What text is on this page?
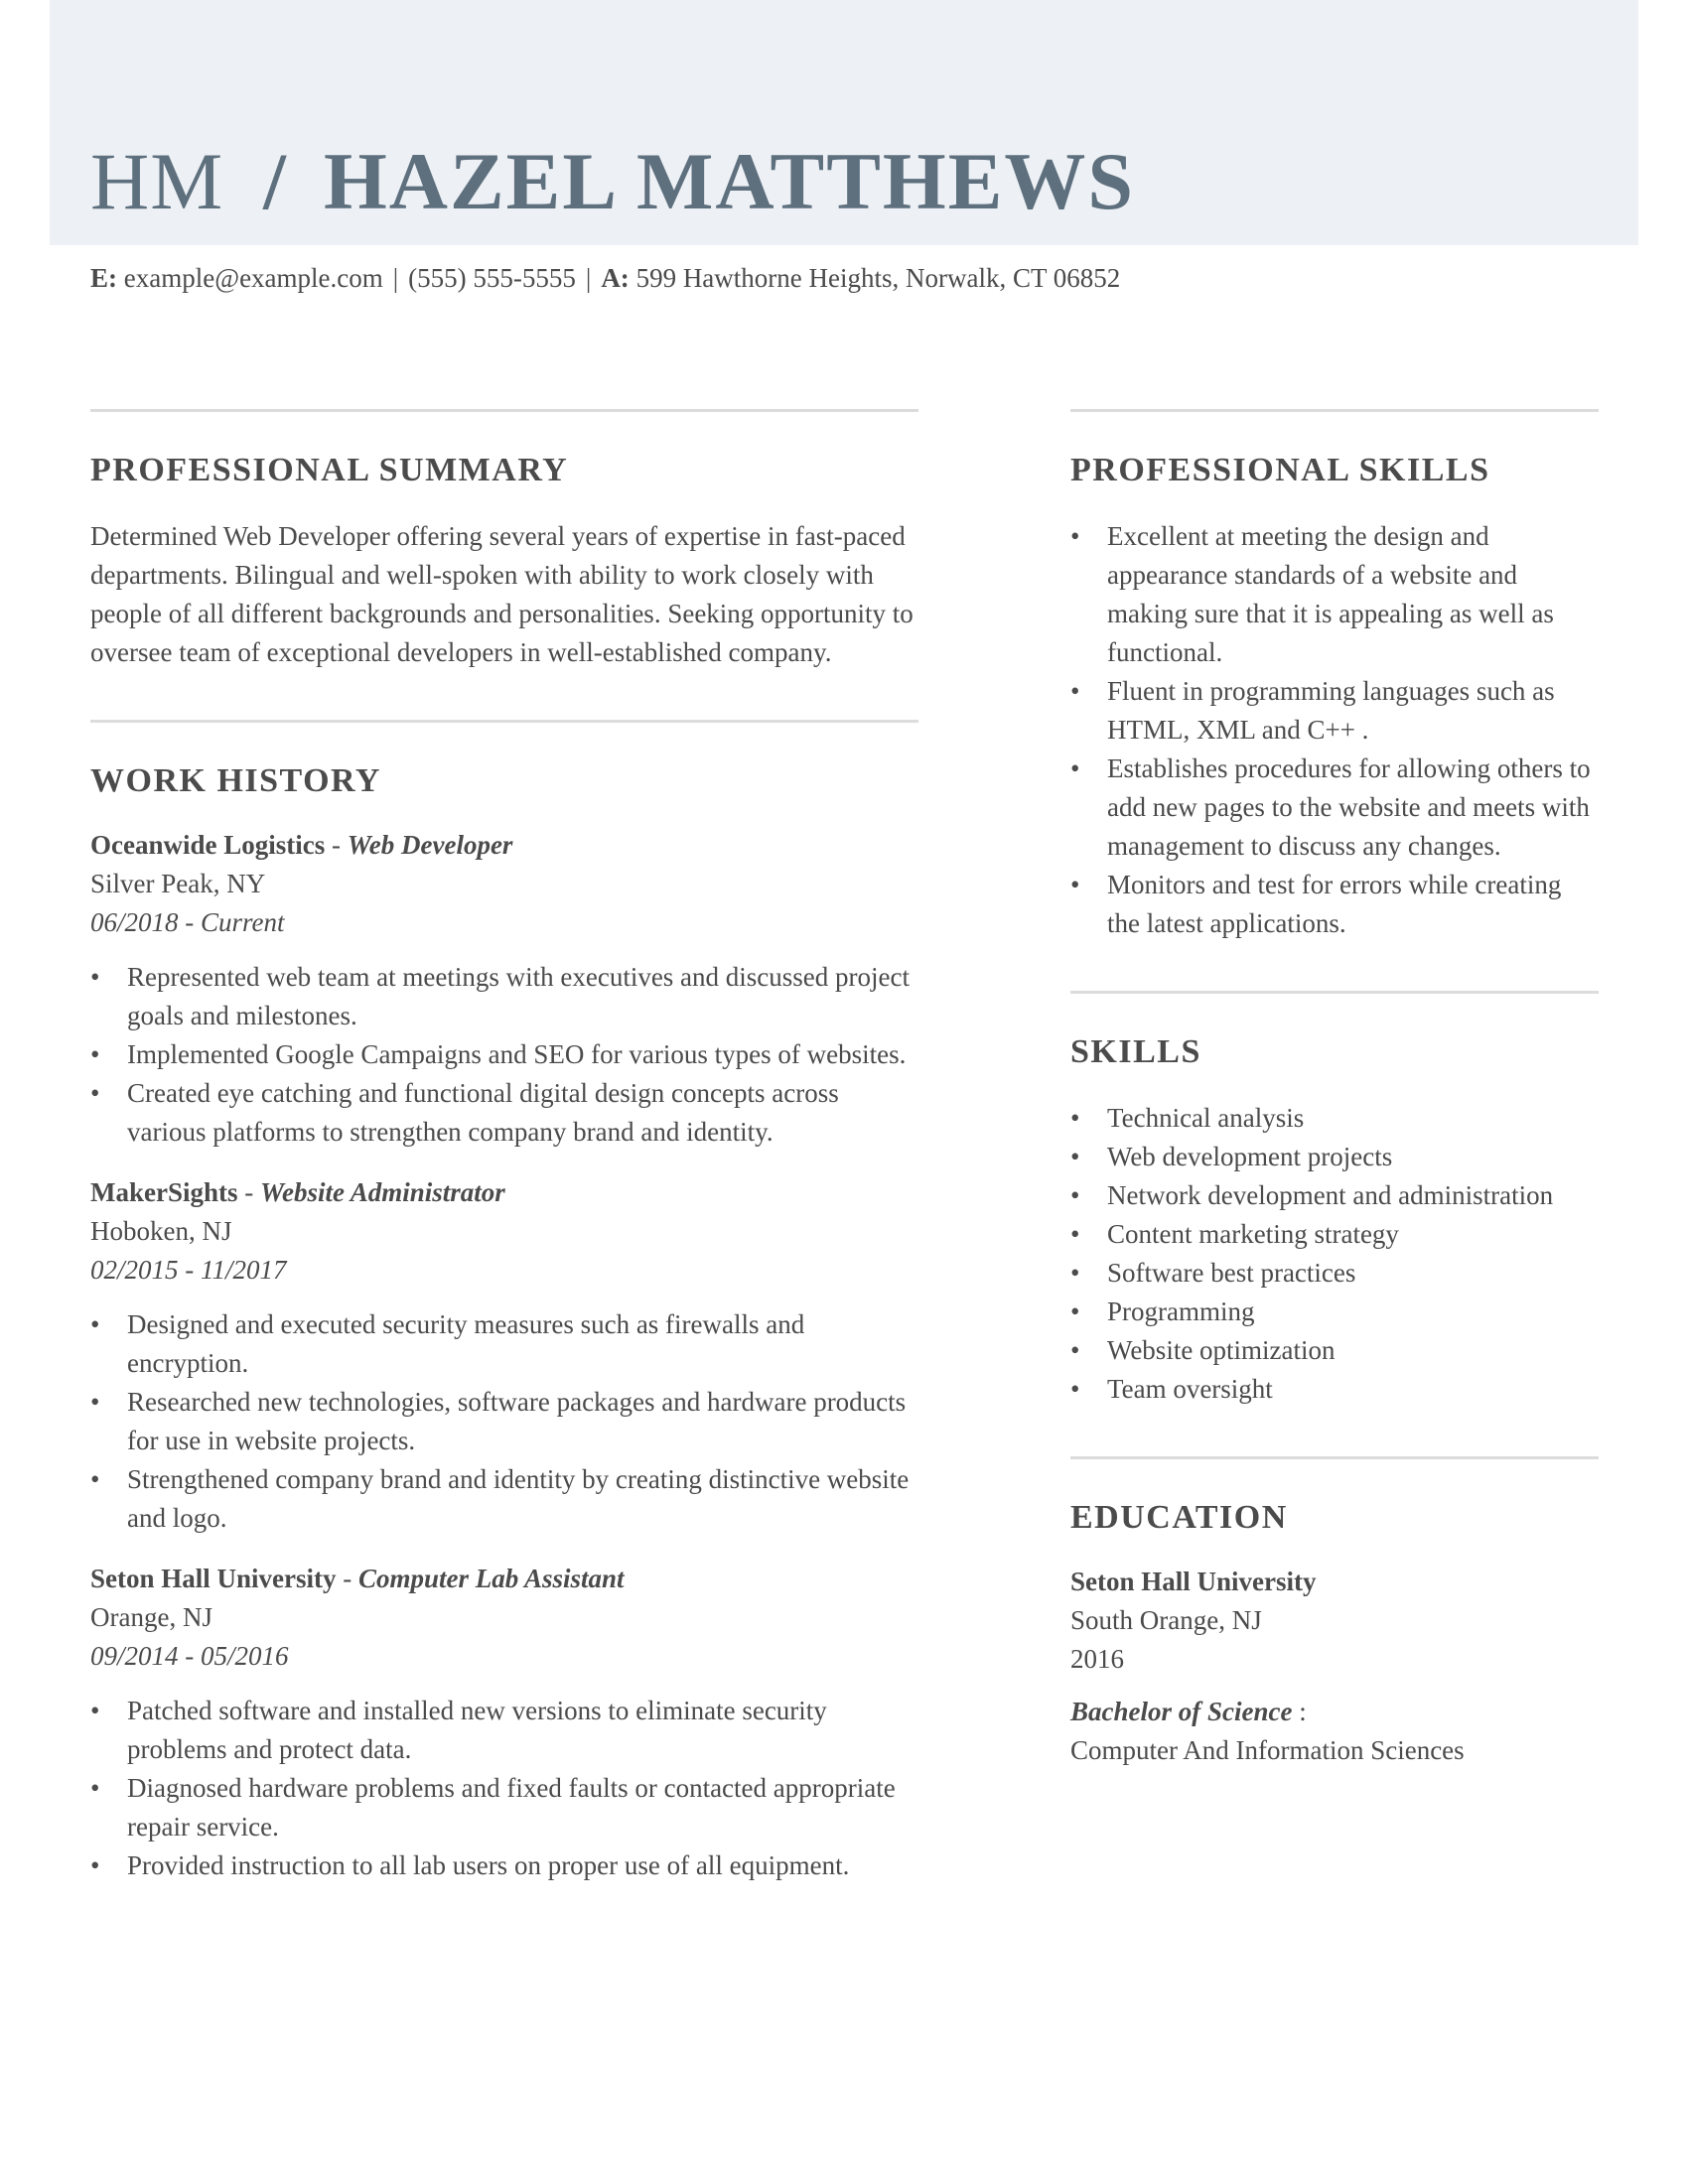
HM / HAZEL MATTHEWS
E: example@example.com | (555) 555-5555 | A: 599 Hawthorne Heights, Norwalk, CT 06852
PROFESSIONAL SUMMARY

Determined Web Developer offering several years of expertise in fast-paced departments. Bilingual and well-spoken with ability to work closely with people of all different backgrounds and personalities. Seeking opportunity to oversee team of exceptional developers in well-established company.

WORK HISTORY
Oceanwide Logistics - Web Developer
Silver Peak, NY
06/2018 - Current
•	Represented web team at meetings with executives and discussed project goals and milestones.
•	Implemented Google Campaigns and SEO for various types of websites.
•	Created eye catching and functional digital design concepts across various platforms to strengthen company brand and identity.
MakerSights - Website Administrator
Hoboken, NJ
02/2015 - 11/2017
•	Designed and executed security measures such as firewalls and encryption.
•	Researched new technologies, software packages and hardware products for use in website projects.
•	Strengthened company brand and identity by creating distinctive website and logo.
Seton Hall University - Computer Lab Assistant
Orange, NJ
09/2014 - 05/2016
•	Patched software and installed new versions to eliminate security problems and protect data.
•	Diagnosed hardware problems and fixed faults or contacted appropriate repair service.
•	Provided instruction to all lab users on proper use of all equipment.
PROFESSIONAL SKILLS
•	Excellent at meeting the design and appearance standards of a website and making sure that it is appealing as well as functional.
•	Fluent in programming languages such as HTML, XML and C++ .
•	Establishes procedures for allowing others to add new pages to the website and meets with management to discuss any changes.
•	Monitors and test for errors while creating the latest applications.
SKILLS
•	Technical analysis
•	Web development projects
•	Network development and administration
•	Content marketing strategy
•	Software best practices
•	Programming
•	Website optimization
•	Team oversight
EDUCATION
Seton Hall University
South Orange, NJ
2016
Bachelor of Science :
Computer And Information Sciences
